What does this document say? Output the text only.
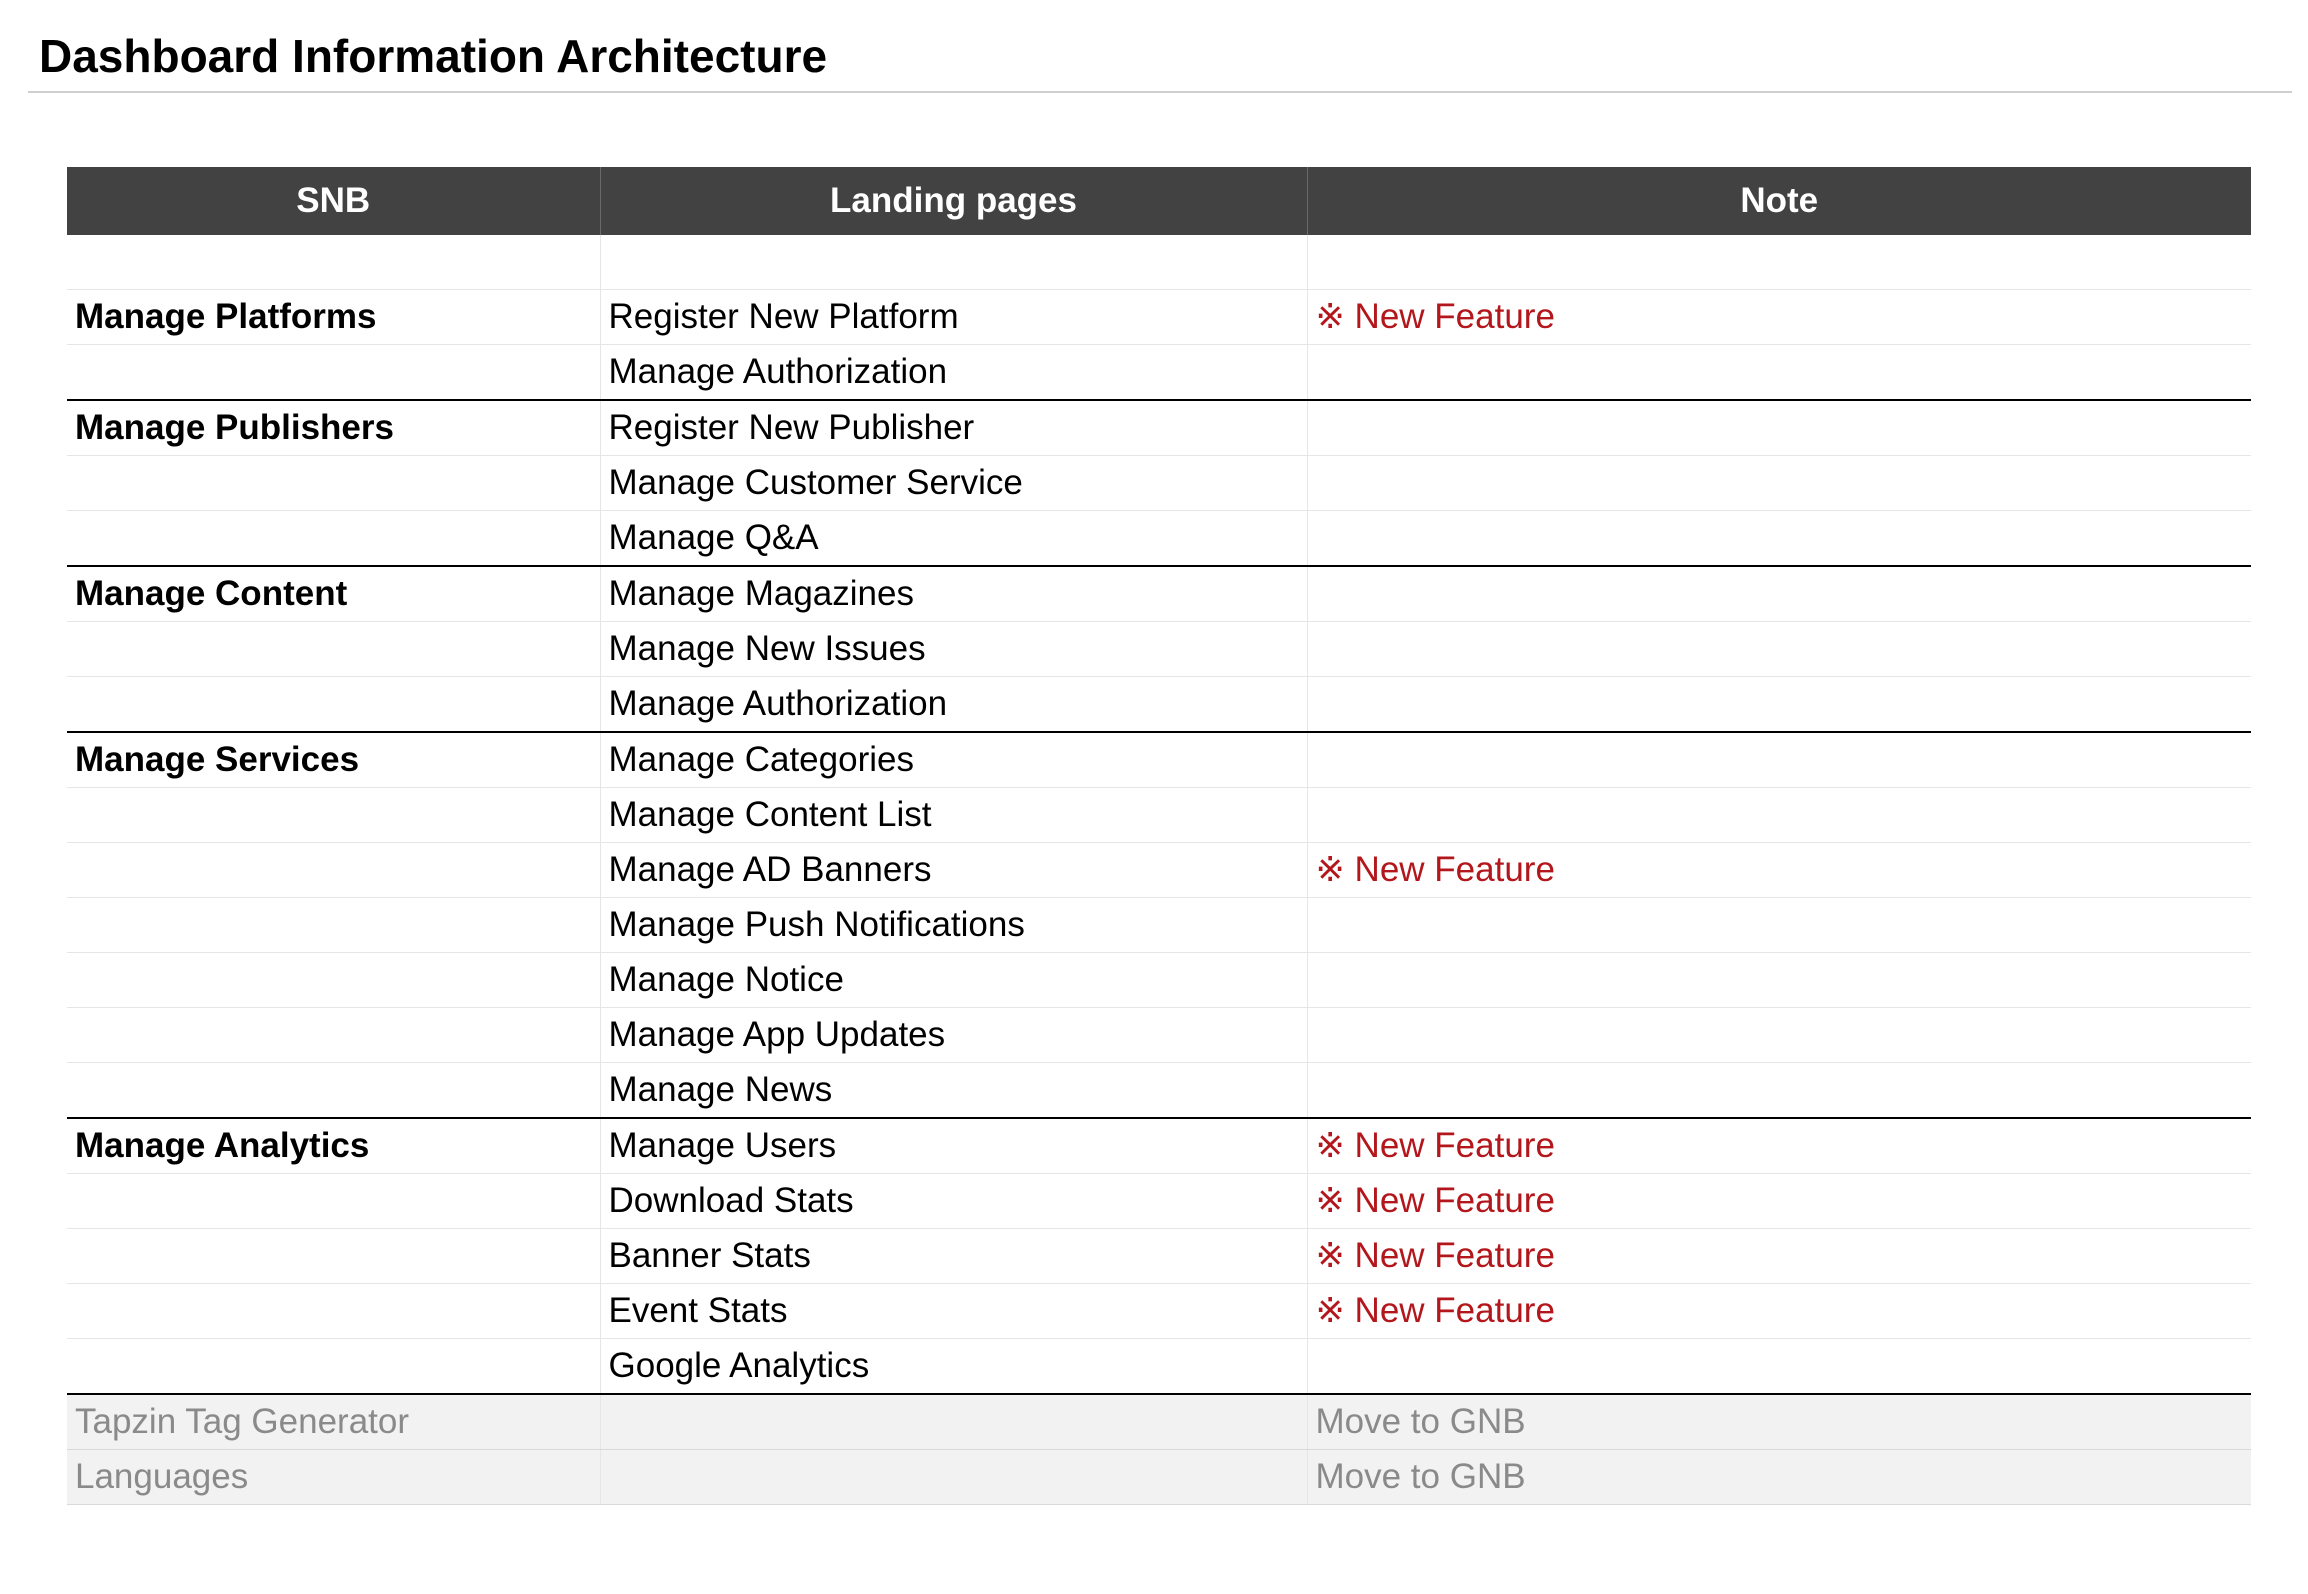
Dashboard Information Architecture
SNB	Landing pages	Note

Manage Platforms	Register New Platform	※ New Feature
	Manage Authorization	
Manage Publishers	Register New Publisher	
	Manage Customer Service	
	Manage Q&A	
Manage Content	Manage Magazines	
	Manage New Issues	
	Manage Authorization	
Manage Services	Manage Categories	
	Manage Content List	
	Manage AD Banners	※ New Feature
	Manage Push Notifications	
	Manage Notice	
	Manage App Updates	
	Manage News	
Manage Analytics	Manage Users	※ New Feature
	Download Stats	※ New Feature
	Banner Stats	※ New Feature
	Event Stats	※ New Feature
	Google Analytics	
Tapzin Tag Generator		Move to GNB
Languages		Move to GNB
